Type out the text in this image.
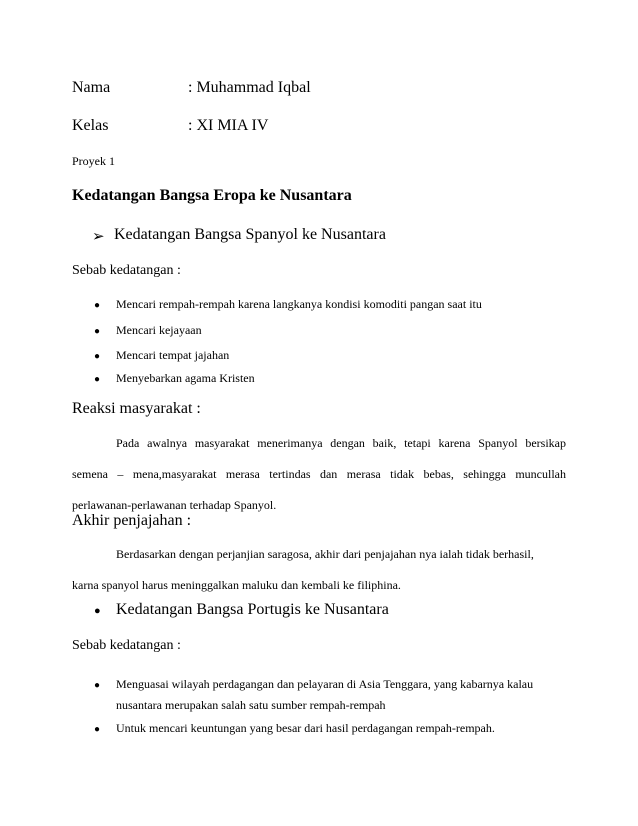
Nama	: Muhammad Iqbal
Kelas	: XI MIA IV
Proyek 1
Kedatangan Bangsa Eropa ke Nusantara
➢ Kedatangan Bangsa Spanyol ke Nusantara
Sebab kedatangan :
● Mencari rempah-rempah karena langkanya kondisi komoditi pangan saat itu
● Mencari kejayaan
● Mencari tempat jajahan
● Menyebarkan agama Kristen
Reaksi masyarakat :
Pada awalnya masyarakat menerimanya dengan baik, tetapi karena Spanyol bersikap
semena – mena,masyarakat merasa tertindas dan merasa tidak bebas, sehingga muncullah
perlawanan-perlawanan terhadap Spanyol.
Akhir penjajahan :
Berdasarkan dengan perjanjian saragosa, akhir dari penjajahan nya ialah tidak berhasil,
karna spanyol harus meninggalkan maluku dan kembali ke filiphina.
● Kedatangan Bangsa Portugis ke Nusantara
Sebab kedatangan :
● Menguasai wilayah perdagangan dan pelayaran di Asia Tenggara, yang kabarnya kalau
nusantara merupakan salah satu sumber rempah-rempah
● Untuk mencari keuntungan yang besar dari hasil perdagangan rempah-rempah.
